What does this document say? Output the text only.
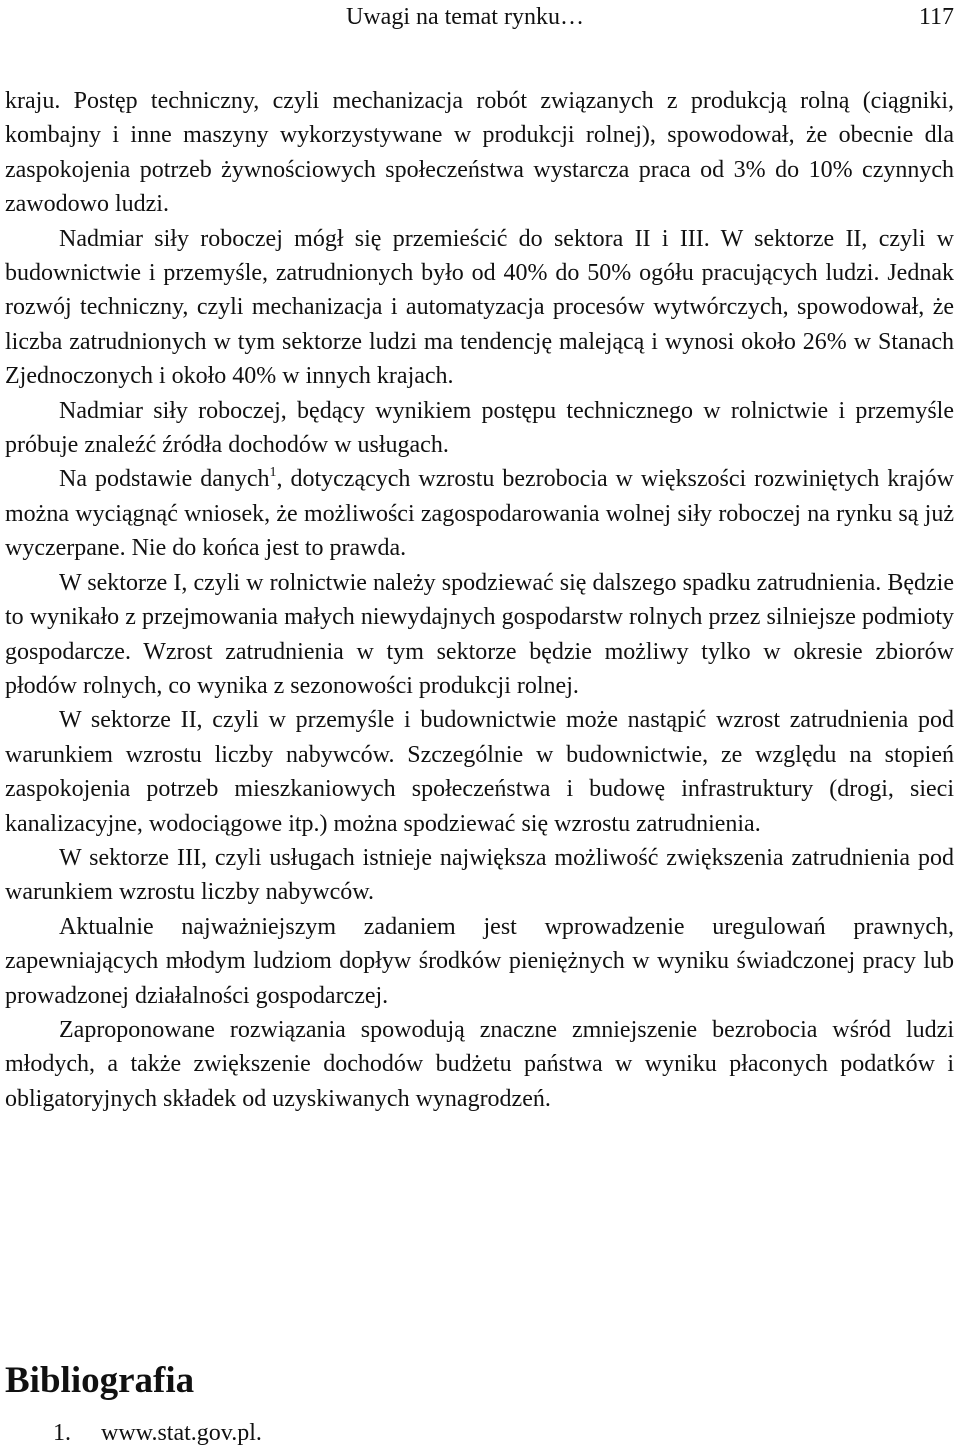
Uwagi na temat rynku…	117

kraju. Postęp techniczny, czyli mechanizacja robót związanych z produkcją rolną (ciągniki, kombajny i inne maszyny wykorzystywane w produkcji rolnej), spowodował, że obecnie dla zaspokojenia potrzeb żywnościowych społeczeństwa wystarcza praca od 3% do 10% czynnych zawodowo ludzi.

Nadmiar siły roboczej mógł się przemieścić do sektora II i III. W sektorze II, czyli w budownictwie i przemyśle, zatrudnionych było od 40% do 50% ogółu pracujących ludzi. Jednak rozwój techniczny, czyli mechanizacja i automatyzacja procesów wytwórczych, spowodował, że liczba zatrudnionych w tym sektorze ludzi ma tendencję malejącą i wynosi około 26% w Stanach Zjednoczonych i około 40% w innych krajach.

Nadmiar siły roboczej, będący wynikiem postępu technicznego w rolnictwie i przemyśle próbuje znaleźć źródła dochodów w usługach.

Na podstawie danych$^1$, dotyczących wzrostu bezrobocia w większości rozwiniętych krajów można wyciągnąć wniosek, że możliwości zagospodarowania wolnej siły roboczej na rynku są już wyczerpane. Nie do końca jest to prawda.

W sektorze I, czyli w rolnictwie należy spodziewać się dalszego spadku zatrudnienia. Będzie to wynikało z przejmowania małych niewydajnych gospodarstw rolnych przez silniejsze podmioty gospodarcze. Wzrost zatrudnienia w tym sektorze będzie możliwy tylko w okresie zbiorów płodów rolnych, co wynika z sezonowości produkcji rolnej.

W sektorze II, czyli w przemyśle i budownictwie może nastąpić wzrost zatrudnienia pod warunkiem wzrostu liczby nabywców. Szczególnie w budownictwie, ze względu na stopień zaspokojenia potrzeb mieszkaniowych społeczeństwa i budowę infrastruktury (drogi, sieci kanalizacyjne, wodociągowe itp.) można spodziewać się wzrostu zatrudnienia.

W sektorze III, czyli usługach istnieje największa możliwość zwiększenia zatrudnienia pod warunkiem wzrostu liczby nabywców.

Aktualnie najważniejszym zadaniem jest wprowadzenie uregulowań prawnych, zapewniających młodym ludziom dopływ środków pieniężnych w wyniku świadczonej pracy lub prowadzonej działalności gospodarczej.

Zaproponowane rozwiązania spowodują znaczne zmniejszenie bezrobocia wśród ludzi młodych, a także zwiększenie dochodów budżetu państwa w wyniku płaconych podatków i obligatoryjnych składek od uzyskiwanych wynagrodzeń.

Bibliografia
1.	www.stat.gov.pl.
